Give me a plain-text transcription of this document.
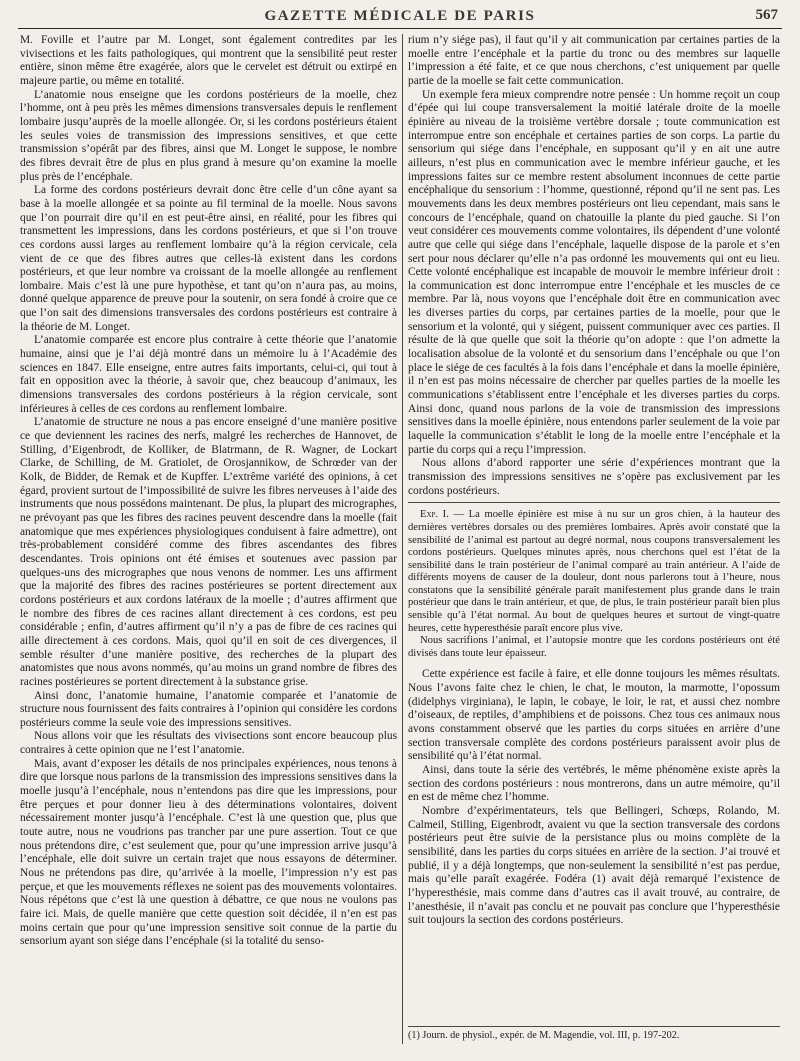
GAZETTE MÉDICALE DE PARIS	567

M. Foville et l’autre par M. Longet, sont également contredites par les vivisections et les faits pathologiques, qui montrent que la sensibilité peut rester entière, sinon même être exagérée, alors que le cervelet est détruit ou extirpé en majeure partie, ou même en totalité.

L’anatomie nous enseigne que les cordons postérieurs de la moelle, chez l’homme, ont à peu près les mêmes dimensions transversales depuis le renflement lombaire jusqu’auprès de la moelle allongée. Or, si les cordons postérieurs étaient les seules voies de transmission des impressions sensitives, et que cette transmission s’opérât par des fibres, ainsi que M. Longet le suppose, le nombre des fibres devrait être de plus en plus grand à mesure qu’on examine la moelle plus près de l’encéphale.

La forme des cordons postérieurs devrait donc être celle d’un cône ayant sa base à la moelle allongée et sa pointe au fil terminal de la moelle. Nous savons que l’on pourrait dire qu’il en est peut-être ainsi, en réalité, pour les fibres qui transmettent les impressions, dans les cordons postérieurs, et que si l’on trouve ces cordons aussi larges au renflement lombaire qu’à la région cervicale, cela vient de ce que des fibres autres que celles-là existent dans les cordons postérieurs, et que leur nombre va croissant de la moelle allongée au renflement lombaire. Mais c’est là une pure hypothèse, et tant qu’on n’aura pas, au moins, donné quelque apparence de preuve pour la soutenir, on sera fondé à croire que ce que l’on sait des dimensions transversales des cordons postérieurs est contraire à la théorie de M. Longet.

L’anatomie comparée est encore plus contraire à cette théorie que l’anatomie humaine, ainsi que je l’ai déjà montré dans un mémoire lu à l’Académie des sciences en 1847. Elle enseigne, entre autres faits importants, celui-ci, qui tout à fait en opposition avec la théorie, à savoir que, chez beaucoup d’animaux, les dimensions transversales des cordons postérieurs à la région cervicale, sont inférieures à celles de ces cordons au renflement lombaire.

L’anatomie de structure ne nous a pas encore enseigné d’une manière positive ce que deviennent les racines des nerfs, malgré les recherches de Hannovet, de Stilling, d’Eigenbrodt, de Kolliker, de Blatrmann, de R. Wagner, de Lockart Clarke, de Schilling, de M. Gratiolet, de Orosjannikow, de Schrœder van der Kolk, de Bidder, de Remak et de Kupffer. L’extrême variété des opinions, à cet égard, provient surtout de l’impossibilité de suivre les fibres nerveuses à l’aide des instruments que nous possédons maintenant. De plus, la plupart des micrographes, ne prévoyant pas que les fibres des racines peuvent descendre dans la moelle (fait anatomique que mes expériences physiologiques conduisent à faire admettre), ont très-probablement considéré comme des fibres ascendantes des fibres descendantes. Trois opinions ont été émises et soutenues avec passion par quelques-uns des micrographes que nous venons de nommer. Les uns affirment que la majorité des fibres des racines postérieures se portent directement aux cordons postérieurs et aux cordons latéraux de la moelle ; d’autres affirment que le nombre des fibres de ces racines allant directement à ces cordons, est peu considérable ; enfin, d’autres affirment qu’il n’y a pas de fibre de ces racines qui aille directement à ces cordons. Mais, quoi qu’il en soit de ces divergences, il semble résulter d’une manière positive, des recherches de la plupart des anatomistes que nous avons nommés, qu’au moins un grand nombre de fibres des racines postérieures se portent directement à la substance grise.

Ainsi donc, l’anatomie humaine, l’anatomie comparée et l’anatomie de structure nous fournissent des faits contraires à l’opinion qui considère les cordons postérieurs comme la seule voie des impressions sensitives.

Nous allons voir que les résultats des vivisections sont encore beaucoup plus contraires à cette opinion que ne l’est l’anatomie.

Mais, avant d’exposer les détails de nos principales expériences, nous tenons à dire que lorsque nous parlons de la transmission des impressions sensitives dans la moelle jusqu’à l’encéphale, nous n’entendons pas dire que les impressions, pour être perçues et pour donner lieu à des déterminations volontaires, doivent nécessairement monter jusqu’à l’encéphale. C’est là une question que, plus que toute autre, nous ne voudrions pas trancher par une pure assertion. Tout ce que nous prétendons dire, c’est seulement que, pour qu’une impression arrive jusqu’à l’encéphale, elle doit suivre un certain trajet que nous essayons de déterminer. Nous ne prétendons pas dire, qu’arrivée à la moelle, l’impression n’y est pas perçue, et que les mouvements réflexes ne soient pas des mouvements volontaires. Nous répétons que c’est là une question à débattre, ce que nous ne voulons pas faire ici. Mais, de quelle manière que cette question soit décidée, il n’en est pas moins certain que pour qu’une impression sensitive soit connue de la partie du sensorium ayant son siége dans l’encéphale (si la totalité du senso-

rium n’y siége pas), il faut qu’il y ait communication par certaines parties de la moelle entre l’encéphale et la partie du tronc ou des membres sur laquelle l’impression a été faite, et ce que nous cherchons, c’est uniquement par quelle partie de la moelle se fait cette communication.

Un exemple fera mieux comprendre notre pensée : Un homme reçoit un coup d’épée qui lui coupe transversalement la moitié latérale droite de la moelle épinière au niveau de la troisième vertèbre dorsale ; toute communication est interrompue entre son encéphale et certaines parties de son corps. La partie du sensorium qui siége dans l’encéphale, en supposant qu’il y en ait une autre ailleurs, n’est plus en communication avec le membre inférieur gauche, et les impressions faites sur ce membre restent absolument inconnues de cette partie encéphalique du sensorium : l’homme, questionné, répond qu’il ne sent pas. Les mouvements dans les deux membres postérieurs ont lieu cependant, mais sans le concours de l’encéphale, quand on chatouille la plante du pied gauche. Si l’on veut considérer ces mouvements comme volontaires, ils dépendent d’une volonté autre que celle qui siége dans l’encéphale, laquelle dispose de la parole et s’en sert pour nous déclarer qu’elle n’a pas ordonné les mouvements qui ont eu lieu. Cette volonté encéphalique est incapable de mouvoir le membre inférieur droit : la communication est donc interrompue entre l’encéphale et les muscles de ce membre. Par là, nous voyons que l’encéphale doit être en communication avec les diverses parties du corps, par certaines parties de la moelle, pour que le sensorium et la volonté, qui y siégent, puissent communiquer avec ces parties. Il résulte de là que quelle que soit la théorie qu’on adopte : que l’on admette la localisation absolue de la volonté et du sensorium dans l’encéphale ou que l’on place le siége de ces facultés à la fois dans l’encéphale et dans la moelle épinière, il n’en est pas moins nécessaire de chercher par quelles parties de la moelle les communications s’établissent entre l’encéphale et les diverses parties du corps. Ainsi donc, quand nous parlons de la voie de transmission des impressions sensitives dans la moelle épinière, nous entendons parler seulement de la voie par laquelle la communication s’établit le long de la moelle entre l’encéphale et la partie du corps qui a reçu l’impression.

Nous allons d’abord rapporter une série d’expériences montrant que la transmission des impressions sensitives ne s’opère pas exclusivement par les cordons postérieurs.

Exp. I. — La moelle épinière est mise à nu sur un gros chien, à la hauteur des dernières vertèbres dorsales ou des premières lombaires. Après avoir constaté que la sensibilité de l’animal est partout au degré normal, nous coupons transversalement les cordons postérieurs. Quelques minutes après, nous cherchons quel est l’état de la sensibilité dans le train postérieur de l’animal comparé au train antérieur. A l’aide de différents moyens de causer de la douleur, dont nous parlerons tout à l’heure, nous constatons que la sensibilité générale paraît manifestement plus grande dans le train postérieur que dans le train antérieur, et que, de plus, le train postérieur paraît bien plus sensible qu’à l’état normal. Au bout de quelques heures et surtout de vingt-quatre heures, cette hyperesthésie paraît encore plus vive.

Nous sacrifions l’animal, et l’autopsie montre que les cordons postérieurs ont été divisés dans toute leur épaisseur.

Cette expérience est facile à faire, et elle donne toujours les mêmes résultats. Nous l’avons faite chez le chien, le chat, le mouton, la marmotte, l’opossum (didelphys virginiana), le lapin, le cobaye, le loir, le rat, et aussi chez nombre d’oiseaux, de reptiles, d’amphibiens et de poissons. Chez tous ces animaux nous avons constamment observé que les parties du corps situées en arrière d’une section transversale complète des cordons postérieurs paraissent avoir plus de sensibilité qu’à l’état normal.

Ainsi, dans toute la série des vertébrés, le même phénomène existe après la section des cordons postérieurs : nous montrerons, dans un autre mémoire, qu’il en est de même chez l’homme.

Nombre d’expérimentateurs, tels que Bellingeri, Schœps, Rolando, M. Calmeil, Stilling, Eigenbrodt, avaient vu que la section transversale des cordons postérieurs peut être suivie de la persistance plus ou moins complète de la sensibilité, dans les parties du corps situées en arrière de la section. J’ai trouvé et publié, il y a déjà longtemps, que non-seulement la sensibilité n’est pas perdue, mais qu’elle paraît exagérée. Fodéra (1) avait déjà remarqué l’existence de l’hyperesthésie, mais comme dans d’autres cas il avait trouvé, au contraire, de l’anesthésie, il n’avait pas conclu et ne pouvait pas conclure que l’hyperesthésie suit toujours la section des cordons postérieurs.

(1) Journ. de physiol., expér. de M. Magendie, vol. III, p. 197-202.
